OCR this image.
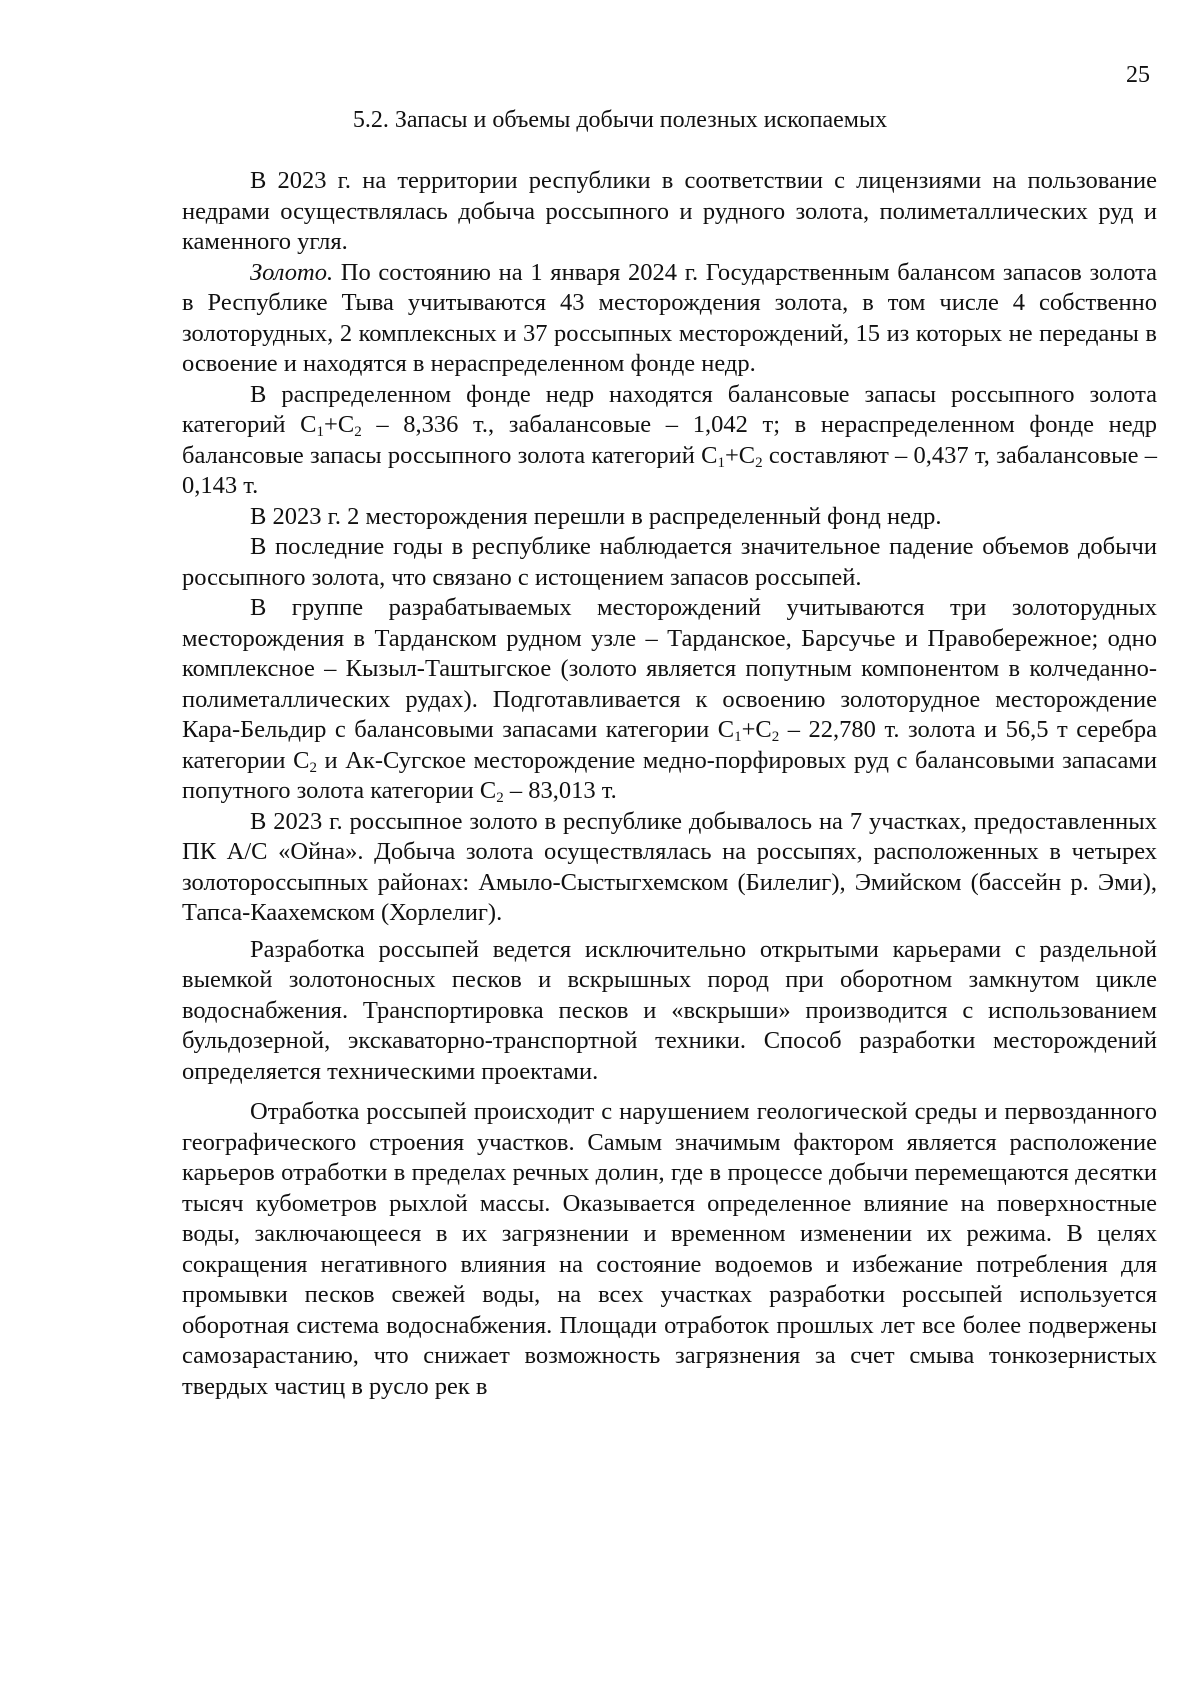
25
5.2. Запасы и объемы добычи полезных ископаемых

В 2023 г. на территории республики в соответствии с лицензиями на пользование недрами осуществлялась добыча россыпного и рудного золота, полиметаллических руд и каменного угля.

Золото. По состоянию на 1 января 2024 г. Государственным балансом запасов золота в Республике Тыва учитываются 43 месторождения золота, в том числе 4 собственно золоторудных, 2 комплексных и 37 россыпных месторождений, 15 из которых не переданы в освоение и находятся в нераспределенном фонде недр.

В распределенном фонде недр находятся балансовые запасы россыпного золота категорий $C_1+C_2 - 8,336$ т., забалансовые – 1,042 т; в нераспределенном фонде недр балансовые запасы россыпного золота категорий $C_1+C_2$ составляют – 0,437 т, забалансовые – 0,143 т.

В 2023 г. 2 месторождения перешли в распределенный фонд недр.

В последние годы в республике наблюдается значительное падение объемов добычи россыпного золота, что связано с истощением запасов россыпей.

В группе разрабатываемых месторождений учитываются три золоторудных месторождения в Тарданском рудном узле – Тарданское, Барсучье и Правобережное; одно комплексное – Кызыл-Таштыгское (золото является попутным компонентом в колчеданно-полиметаллических рудах). Подготавливается к освоению золоторудное месторождение Кара-Бельдир с балансовыми запасами категории $C_1+C_2 - 22,780$ т. золота и 56,5 т серебра категории $C_2$ и Ак-Сугское месторождение медно-порфировых руд с балансовыми запасами попутного золота категории $C_2 - 83,013$ т.

В 2023 г. россыпное золото в республике добывалось на 7 участках, предоставленных ПК А/С «Ойна». Добыча золота осуществлялась на россыпях, расположенных в четырех золотороссыпных районах: Амыло-Сыстыгхемском (Билелиг), Эмийском (бассейн р. Эми), Тапса-Каахемском (Хорлелиг).

Разработка россыпей ведется исключительно открытыми карьерами с раздельной выемкой золотоносных песков и вскрышных пород при оборотном замкнутом цикле водоснабжения. Транспортировка песков и «вскрыши» производится с использованием бульдозерной, экскаваторно-транспортной техники. Способ разработки месторождений определяется техническими проектами.

Отработка россыпей происходит с нарушением геологической среды и первозданного географического строения участков. Самым значимым фактором является расположение карьеров отработки в пределах речных долин, где в процессе добычи перемещаются десятки тысяч кубометров рыхлой массы. Оказывается определенное влияние на поверхностные воды, заключающееся в их загрязнении и временном изменении их режима. В целях сокращения негативного влияния на состояние водоемов и избежание потребления для промывки песков свежей воды, на всех участках разработки россыпей используется оборотная система водоснабжения. Площади отработок прошлых лет все более подвержены самозарастанию, что снижает возможность загрязнения за счет смыва тонкозернистых твердых частиц в русло рек в
